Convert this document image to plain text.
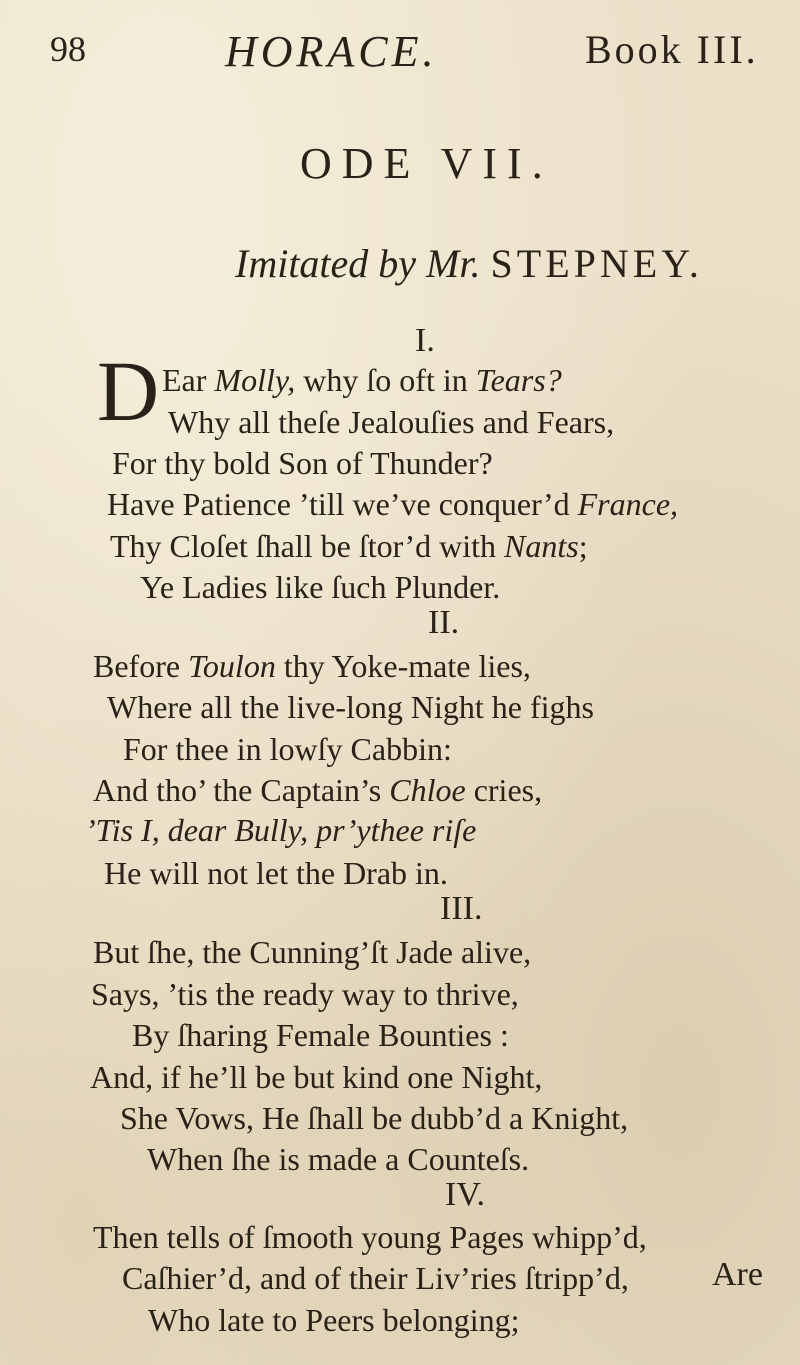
98	HORACE.	Book III.
ODE VII.
Imitated by Mr. STEPNEY.
I.
D Ear Molly, why ſo oft in Tears?
Why all theſe Jealouſies and Fears,
For thy bold Son of Thunder?
Have Patience ’till we’ve conquer’d France,
Thy Cloſet ſhall be ſtor’d with Nants;
Ye Ladies like ſuch Plunder.
II.
Before Toulon thy Yoke-mate lies,
Where all the live-long Night he fighs
For thee in lowſy Cabbin:
And tho’ the Captain’s Chloe cries,
’Tis I, dear Bully, pr’ythee riſe
He will not let the Drab in.
III.
But ſhe, the Cunning’ſt Jade alive,
Says, ’tis the ready way to thrive,
By ſharing Female Bounties :
And, if he’ll be but kind one Night,
She Vows, He ſhall be dubb’d a Knight,
When ſhe is made a Counteſs.
IV.
Then tells of ſmooth young Pages whipp’d,
Caſhier’d, and of their Liv’ries ſtripp’d,
Who late to Peers belonging;
Are
